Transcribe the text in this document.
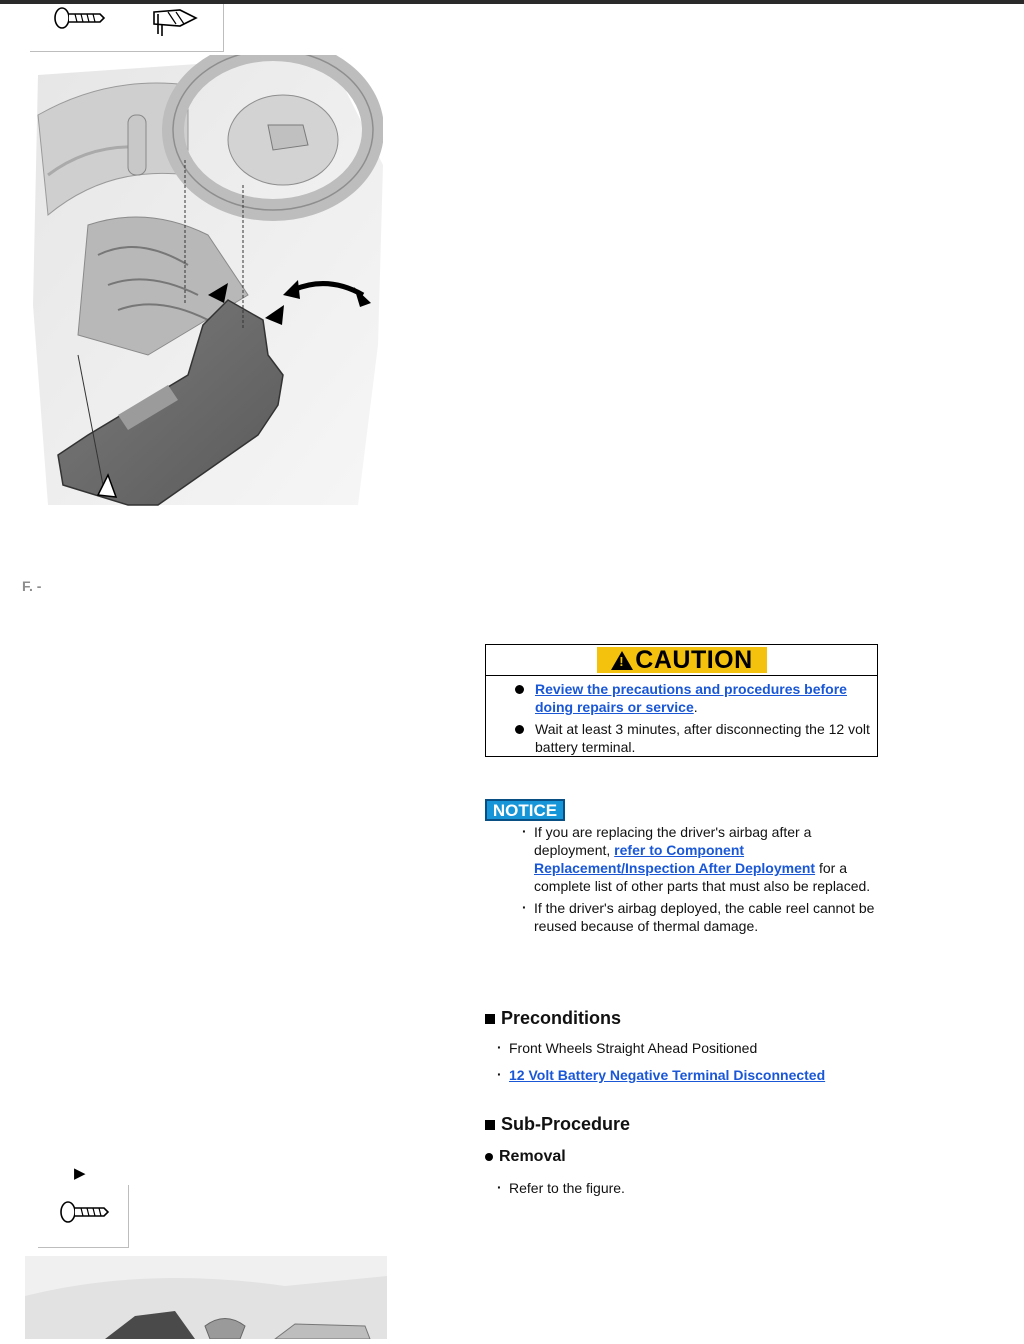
F. -
!
CAUTION
Review the precautions and procedures before doing repairs or service.
Wait at least 3 minutes, after disconnecting the 12 volt battery terminal.
NOTICE
· If you are replacing the driver's airbag after a deployment, refer to Component Replacement/Inspection After Deployment for a complete list of other parts that must also be replaced.
· If the driver's airbag deployed, the cable reel cannot be reused because of thermal damage.
Preconditions
· Front Wheels Straight Ahead Positioned
· 12 Volt Battery Negative Terminal Disconnected
Sub-Procedure
Removal
· Refer to the figure.
▶
